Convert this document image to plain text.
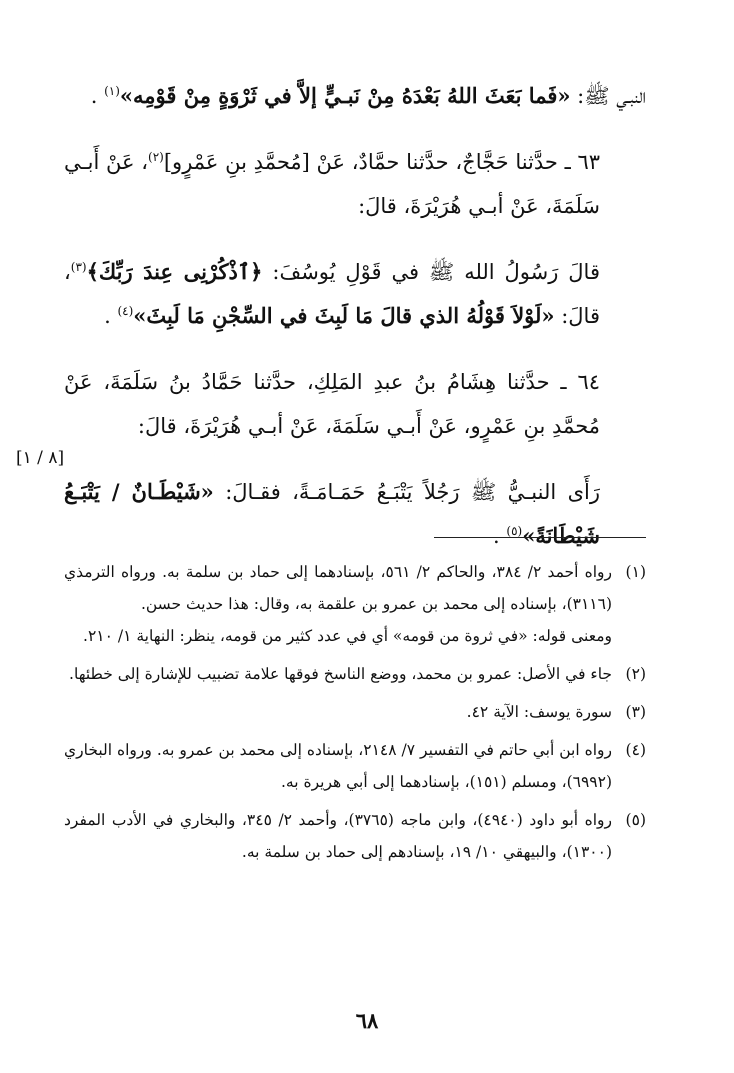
النبـي ﷺ: «فَما بَعَثَ اللهُ بَعْدَهُ مِنْ نَبـيٍّ إلاَّ في ثَرْوَةٍ مِنْ قَوْمِه»$^{(١)}$ .

٦٣ ـ حدَّثنا حَجَّاجٌ، حدَّثنا حمَّادٌ، عَنْ [مُحمَّدِ بنِ عَمْرٍو]$^{(٢)}$، عَنْ أَبـي سَلَمَةَ، عَنْ أبـي هُرَيْرَةَ، قالَ:

قالَ رَسُولُ الله ﷺ في قَوْلِ يُوسُفَ: ﴿ٱذْكُرْنِى عِندَ رَبِّكَ﴾$^{(٣)}$، قالَ: «لَوْلاَ قَوْلُهُ الذي قالَ مَا لَبِثَ في السِّجْنِ مَا لَبِثَ»$^{(٤)}$ .

٦٤ ـ حدَّثنا هِشَامُ بنُ عبدِ المَلِكِ، حدَّثنا حَمَّادُ بنُ سَلَمَةَ، عَنْ مُحمَّدِ بنِ عَمْرٍو، عَنْ أَبـي سَلَمَةَ، عَنْ أبـي هُرَيْرَةَ، قالَ:

رَأَى النبـيُّ ﷺ رَجُلاً يَتْبَـعُ حَمَـامَـةً، فقـالَ: «شَيْطَـانٌ / يَتْبَـعُ شَيْطَانَةً»$^{(٥)}$ .

[٨ / ١]
(١)

رواه أحمد ٢/ ٣٨٤، والحاكم ٢/ ٥٦١، بإسنادهما إلى حماد بن سلمة به. ورواه الترمذي (٣١١٦)، بإسناده إلى محمد بن عمرو بن علقمة به، وقال: هذا حديث حسن.

ومعنى قوله: «في ثروة من قومه» أي في عدد كثير من قومه، ينظر: النهاية ١/ ٢١٠.

(٢)

جاء في الأصل: عمرو بن محمد، ووضع الناسخ فوقها علامة تضبيب للإشارة إلى خطئها.

(٣)

سورة يوسف: الآية ٤٢.

(٤)

رواه ابن أبي حاتم في التفسير ٧/ ٢١٤٨، بإسناده إلى محمد بن عمرو به. ورواه البخاري (٦٩٩٢)، ومسلم (١٥١)، بإسنادهما إلى أبي هريرة به.

(٥)

رواه أبو داود (٤٩٤٠)، وابن ماجه (٣٧٦٥)، وأحمد ٢/ ٣٤٥، والبخاري في الأدب المفرد (١٣٠٠)، والبيهقي ١٠/ ١٩، بإسنادهم إلى حماد بن سلمة به.

٦٨
